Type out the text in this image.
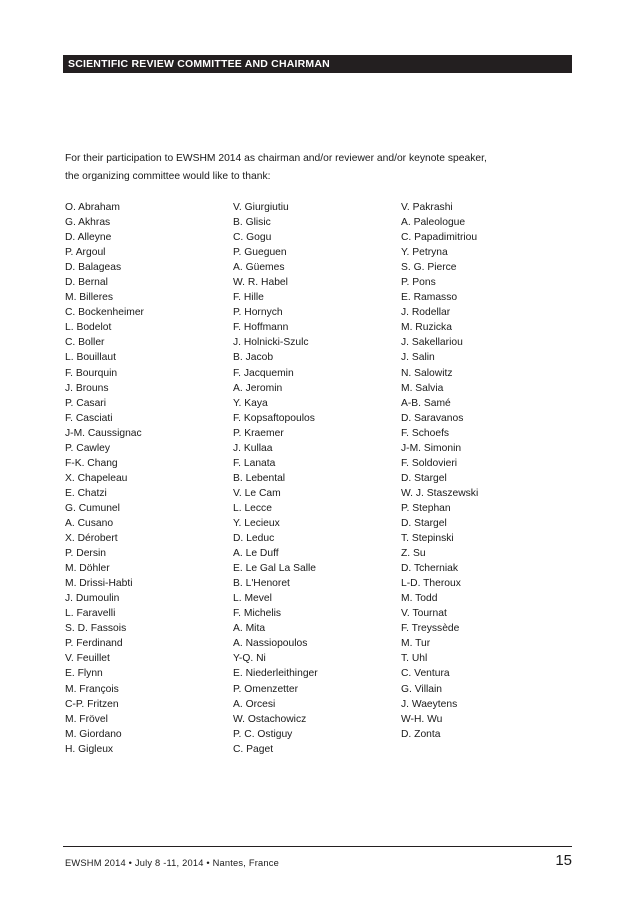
SCIENTIFIC REVIEW COMMITTEE AND CHAIRMAN
For their participation to EWSHM 2014 as chairman and/or reviewer and/or keynote speaker,
the organizing committee would like to thank:
O. Abraham
G. Akhras
D. Alleyne
P. Argoul
D. Balageas
D. Bernal
M. Billeres
C. Bockenheimer
L. Bodelot
C. Boller
L. Bouillaut
F. Bourquin
J. Brouns
P. Casari
F. Casciati
J-M. Caussignac
P. Cawley
F-K. Chang
X. Chapeleau
E. Chatzi
G. Cumunel
A. Cusano
X. Dérobert
P. Dersin
M. Döhler
M. Drissi-Habti
J. Dumoulin
L. Faravelli
S. D. Fassois
P. Ferdinand
V. Feuillet
E. Flynn
M. François
C-P. Fritzen
M. Frövel
M. Giordano
H. Gigleux
V. Giurgiutiu
B. Glisic
C. Gogu
P. Gueguen
A. Güemes
W. R. Habel
F. Hille
P. Hornych
F. Hoffmann
J. Holnicki-Szulc
B. Jacob
F. Jacquemin
A. Jeromin
Y. Kaya
F. Kopsaftopoulos
P. Kraemer
J. Kullaa
F. Lanata
B. Lebental
V. Le Cam
L. Lecce
Y. Lecieux
D. Leduc
A. Le Duff
E. Le Gal La Salle
B. L'Henoret
L. Mevel
F. Michelis
A. Mita
A. Nassiopoulos
Y-Q. Ni
E. Niederleithinger
P. Omenzetter
A. Orcesi
W. Ostachowicz
P. C. Ostiguy
C. Paget
V. Pakrashi
A. Paleologue
C. Papadimitriou
Y. Petryna
S. G. Pierce
P. Pons
E. Ramasso
J. Rodellar
M. Ruzicka
J. Sakellariou
J. Salin
N. Salowitz
M. Salvia
A-B. Samé
D. Saravanos
F. Schoefs
J-M. Simonin
F. Soldovieri
D. Stargel
W. J. Staszewski
P. Stephan
D. Stargel
T. Stepinski
Z. Su
D. Tcherniak
L-D. Theroux
M. Todd
V. Tournat
F. Treyssède
M. Tur
T. Uhl
C. Ventura
G. Villain
J. Waeytens
W-H. Wu
D. Zonta
EWSHM 2014 • July 8 -11, 2014 • Nantes, France	15
